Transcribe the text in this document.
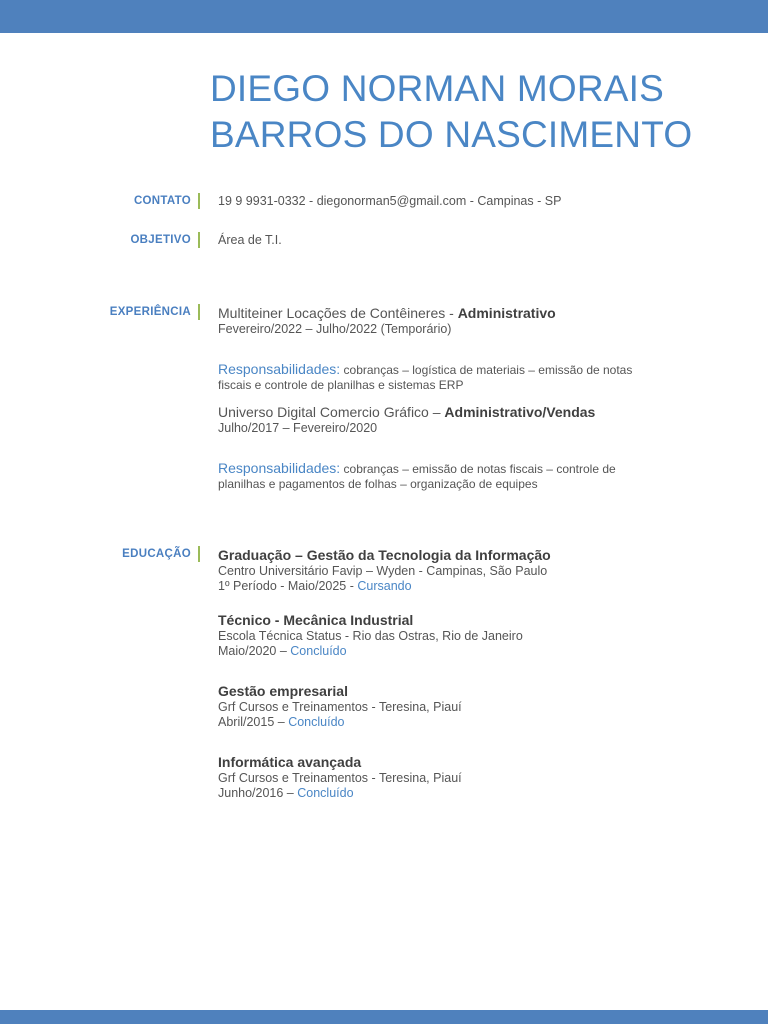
DIEGO NORMAN MORAIS
BARROS DO NASCIMENTO
CONTATO 19 9 9931-0332 - diegonorman5@gmail.com - Campinas - SP
OBJETIVO Área de T.I.
EXPERIÊNCIA Multiteiner Locações de Contêineres - Administrativo
Fevereiro/2022 – Julho/2022 (Temporário)
Responsabilidades: cobranças – logística de materiais – emissão de notas
fiscais e controle de planilhas e sistemas ERP
Universo Digital Comercio Gráfico – Administrativo/Vendas
Julho/2017 – Fevereiro/2020
Responsabilidades: cobranças – emissão de notas fiscais – controle de
planilhas e pagamentos de folhas – organização de equipes
EDUCAÇÃO Graduação – Gestão da Tecnologia da Informação
Centro Universitário Favip – Wyden - Campinas, São Paulo
1º Período - Maio/2025 - Cursando
Técnico - Mecânica Industrial
Escola Técnica Status - Rio das Ostras, Rio de Janeiro
Maio/2020 – Concluído
Gestão empresarial
Grf Cursos e Treinamentos - Teresina, Piauí
Abril/2015 – Concluído
Informática avançada
Grf Cursos e Treinamentos - Teresina, Piauí
Junho/2016 – Concluído
